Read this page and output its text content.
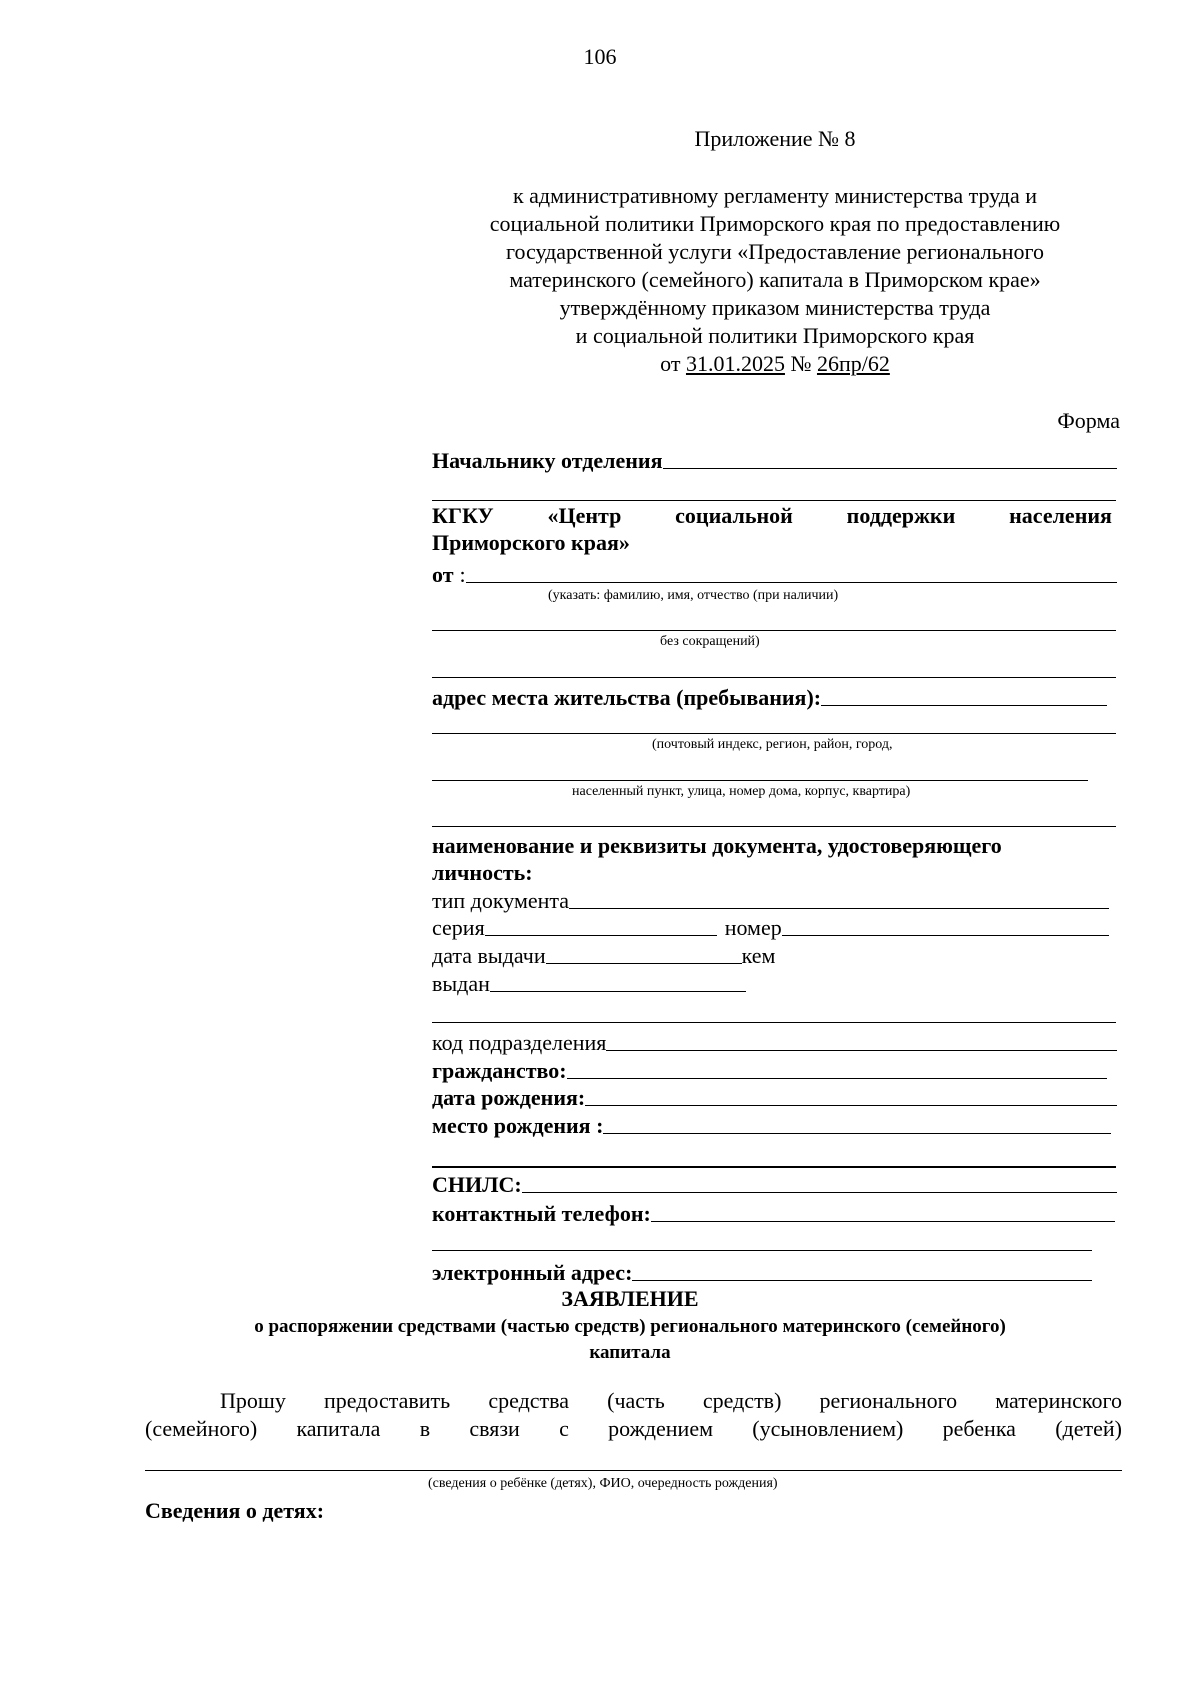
106
Приложение № 8
к административному регламенту министерства труда и
социальной политики Приморского края по предоставлению
государственной услуги «Предоставление регионального
материнского (семейного) капитала в Приморском крае»
утверждённому приказом министерства труда
и социальной политики Приморского края
от 31.01.2025 № 26пр/62
Форма
Начальнику отделения
КГКУ «Центр социальной поддержки населения
Приморского края»
от :
(указать: фамилию, имя, отчество (при наличии)
без сокращений)
адрес места жительства (пребывания):
(почтовый индекс, регион, район, город,
населенный пункт, улица, номер дома, корпус, квартира)
наименование и реквизиты документа, удостоверяющего
личность:
тип документа
серия	номер
дата выдачи	кем
выдан
код подразделения
гражданство:
дата рождения:
место рождения :
СНИЛС:
контактный телефон:
электронный адрес:
ЗАЯВЛЕНИЕ
о распоряжении средствами (частью средств) регионального материнского (семейного)
капитала
Прошу предоставить средства (часть средств) регионального материнского
(семейного) капитала в связи с рождением (усыновлением) ребенка (детей)
(сведения о ребёнке (детях), ФИО, очередность рождения)
Сведения о детях:
